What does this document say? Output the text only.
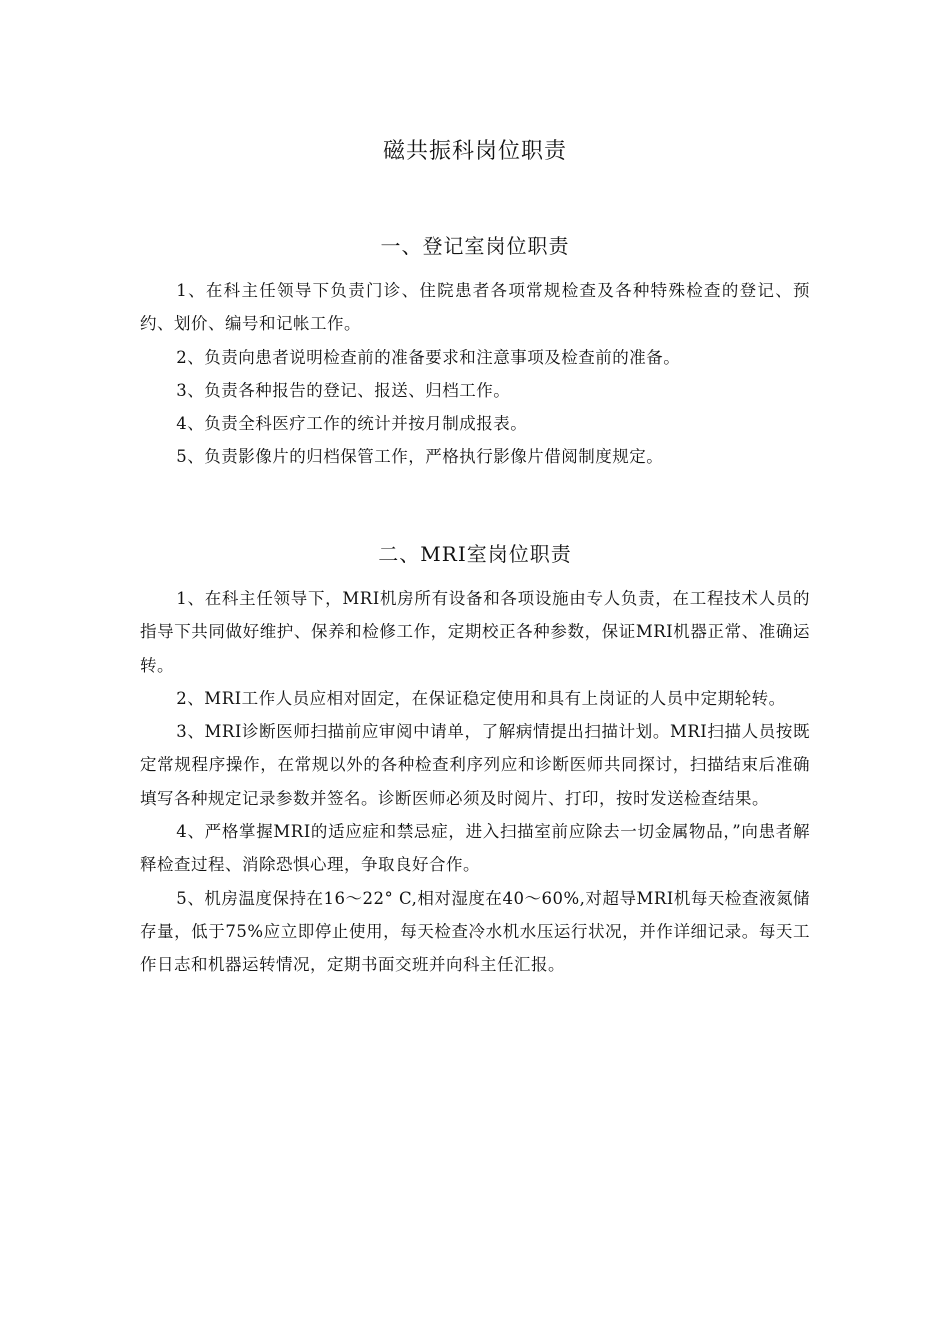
磁共振科岗位职责
一、登记室岗位职责

1、在科主任领导下负责门诊、住院患者各项常规检查及各种特殊检查的登记、预约、划价、编号和记帐工作。

2、负责向患者说明检查前的准备要求和注意事项及检查前的准备。

3、负责各种报告的登记、报送、归档工作。

4、负责全科医疗工作的统计并按月制成报表。

5、负责影像片的归档保管工作，严格执行影像片借阅制度规定。

二、MRI室岗位职责

1、在科主任领导下，MRI机房所有设备和各项设施由专人负责，在工程技术人员的指导下共同做好维护、保养和检修工作，定期校正各种参数，保证MRI机器正常、准确运转。

2、MRI工作人员应相对固定，在保证稳定使用和具有上岗证的人员中定期轮转。

3、MRI诊断医师扫描前应审阅中请单，了解病情提出扫描计划。MRI扫描人员按既定常规程序操作，在常规以外的各种检查利序列应和诊断医师共同探讨，扫描结束后准确填写各种规定记录参数并签名。诊断医师必须及时阅片、打印，按时发送检查结果。

4、严格掌握MRI的适应症和禁忌症，进入扫描室前应除去一切金属物品，”向患者解释检查过程、消除恐惧心理，争取良好合作。

5、机房温度保持在16〜22° C,相对湿度在40〜60%,对超导MRI机每天检查液氮储存量，低于75%应立即停止使用，每天检查冷水机水压运行状况，并作详细记录。每天工作日志和机器运转情况，定期书面交班并向科主任汇报。
